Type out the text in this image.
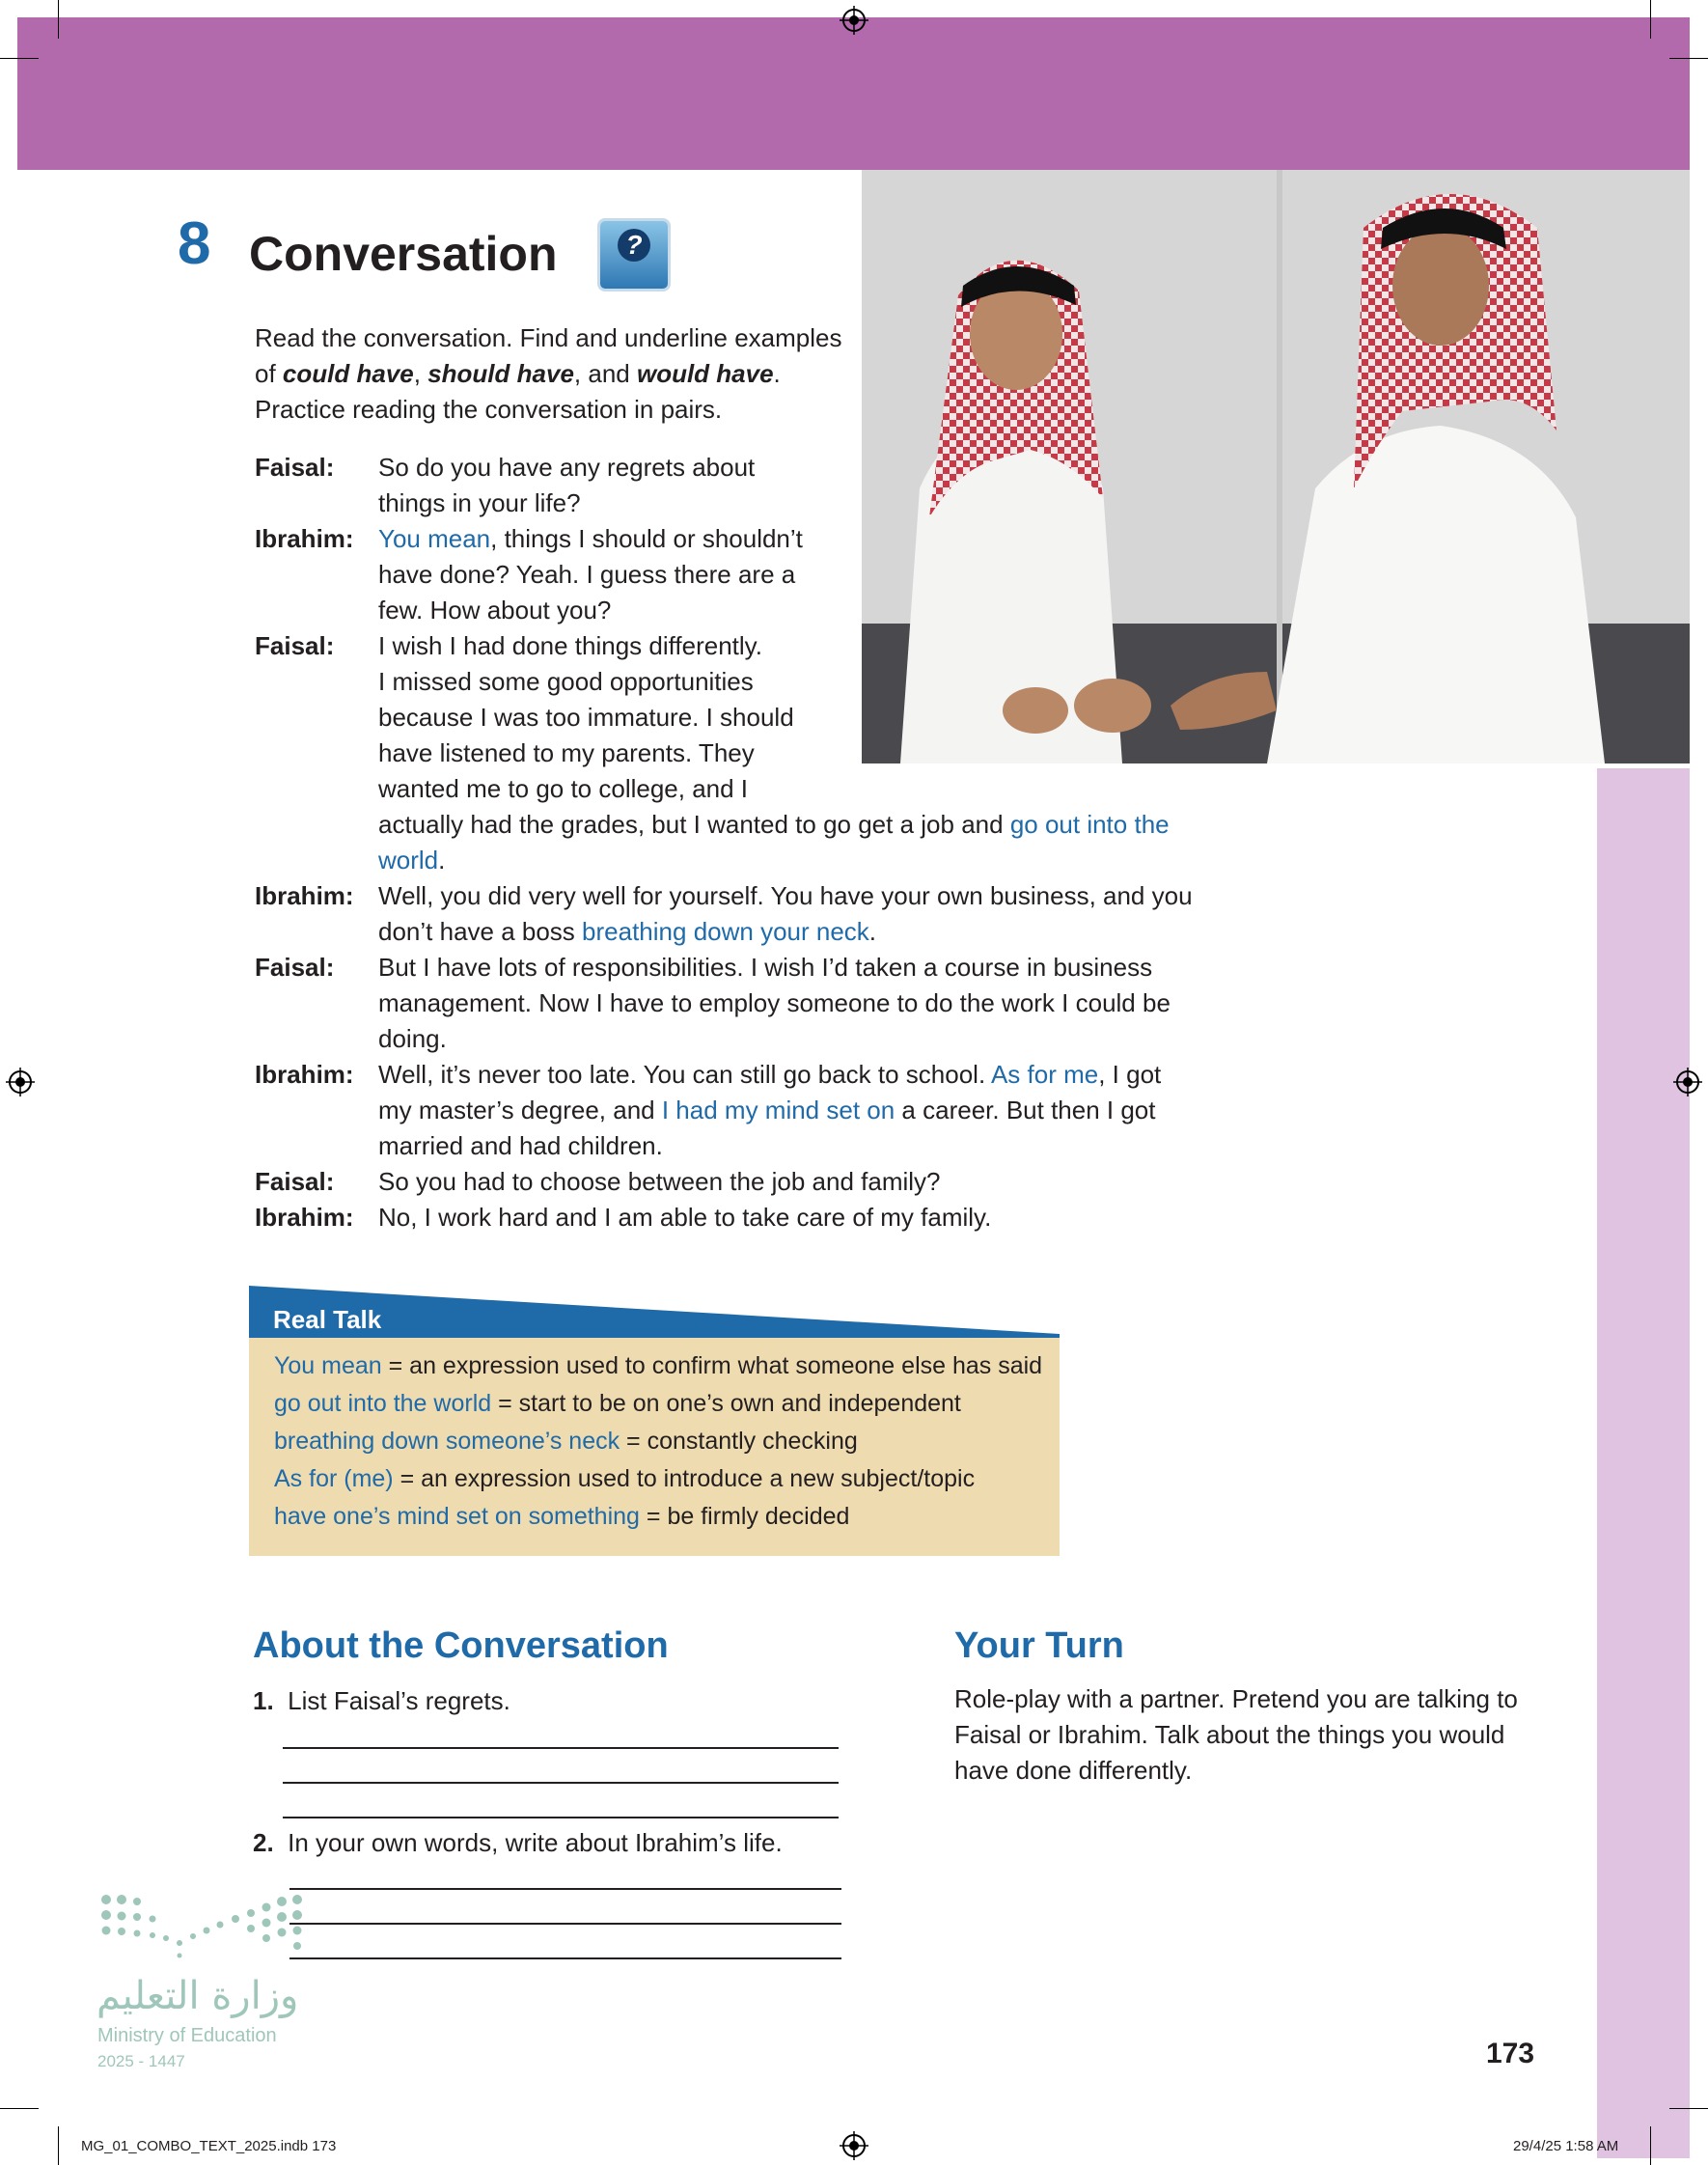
8 Conversation	?
Read the conversation. Find and underline examples of could have, should have, and would have. Practice reading the conversation in pairs.
Faisal: So do you have any regrets about
things in your life?
Ibrahim: You mean, things I should or shouldn’t
have done? Yeah. I guess there are a
few. How about you?
Faisal: I wish I had done things differently.
I missed some good opportunities
because I was too immature. I should
have listened to my parents. They
wanted me to go to college, and I
actually had the grades, but I wanted to go get a job and go out into the
world.
Ibrahim: Well, you did very well for yourself. You have your own business, and you
don’t have a boss breathing down your neck.
Faisal: But I have lots of responsibilities. I wish I’d taken a course in business
management. Now I have to employ someone to do the work I could be
doing.
Ibrahim: Well, it’s never too late. You can still go back to school. As for me, I got
my master’s degree, and I had my mind set on a career. But then I got
married and had children.
Faisal: So you had to choose between the job and family?
Ibrahim: No, I work hard and I am able to take care of my family.
Real Talk
You mean = an expression used to confirm what someone else has said
go out into the world = start to be on one’s own and independent
breathing down someone’s neck = constantly checking
As for (me) = an expression used to introduce a new subject/topic
have one’s mind set on something = be firmly decided
About the Conversation
1. List Faisal’s regrets.
2. In your own words, write about Ibrahim’s life.
Your Turn
Role-play with a partner. Pretend you are talking to Faisal or Ibrahim. Talk about the things you would have done differently.
وزارة التعليم
Ministry of Education
2025 - 1447	173
MG_01_COMBO_TEXT_2025.indb 173	29/4/25 1:58 AM
